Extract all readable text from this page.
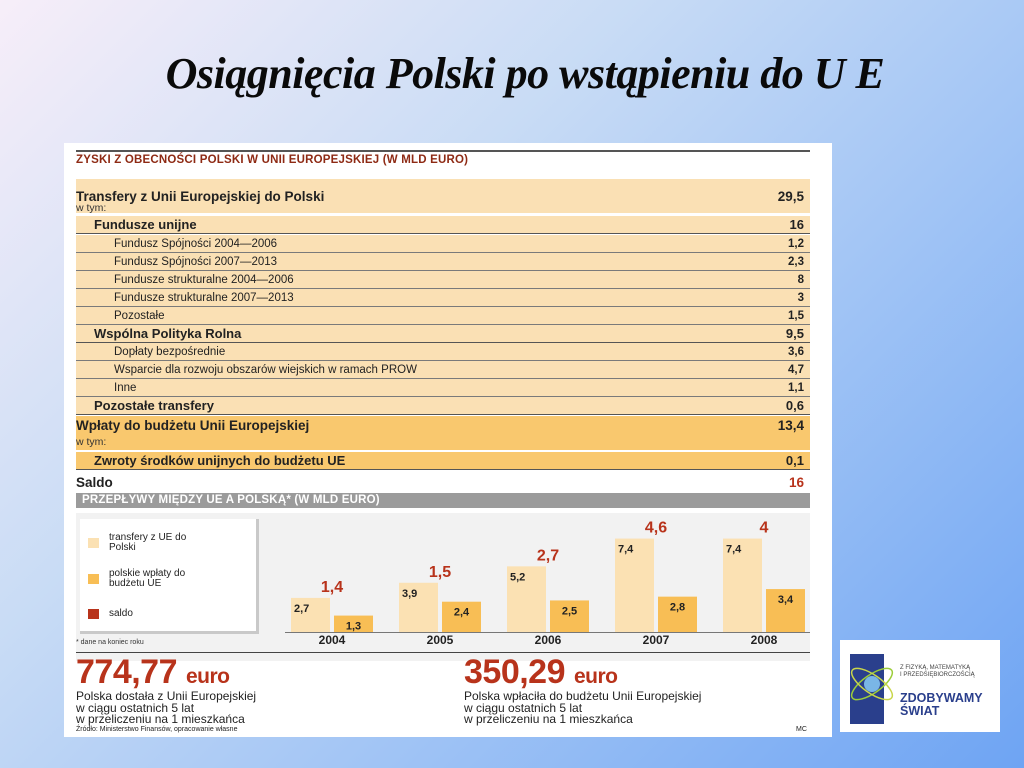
Osiągnięcia Polski po wstąpieniu do U E
ZYSKI Z OBECNOŚCI POLSKI W UNII EUROPEJSKIEJ (W MLD EURO)
Transfery z Unii Europejskiej do Polski	29,5
w tym:
Fundusze unijne	16
Fundusz Spójności 2004—2006	1,2
Fundusz Spójności 2007—2013	2,3
Fundusze strukturalne 2004—2006	8
Fundusze strukturalne 2007—2013	3
Pozostałe	1,5
Wspólna Polityka Rolna	9,5
Dopłaty bezpośrednie	3,6
Wsparcie dla rozwoju obszarów wiejskich w ramach PROW	4,7
Inne	1,1
Pozostałe transfery	0,6
Wpłaty do budżetu Unii Europejskiej	13,4
w tym:
Zwroty środków unijnych do budżetu UE	0,1
Saldo	16
PRZEPŁYWY MIĘDZY UE A POLSKĄ* (W MLD EURO)
transfery z UE do Polski
polskie wpłaty do budżetu UE
saldo	2,7
1,3
1,4
2004
3,9
2,4
1,5
2005
5,2
2,5
2,7
2006
7,4
2,8
4,6
2007
7,4
3,4
4
2008
* dane na koniec roku
774,77 euro
Polska dostała z Unii Europejskiej
w ciągu ostatnich 5 lat
w przeliczeniu na 1 mieszkańca
350,29 euro
Polska wpłaciła do budżetu Unii Europejskiej
w ciągu ostatnich 5 lat
w przeliczeniu na 1 mieszkańca
Źródło: Ministerstwo Finansów, opracowanie własne	MC
Z FIZYKĄ, MATEMATYKĄ
I PRZEDSIĘBIORCZOŚCIĄ
ZDOBYWAMY
ŚWIAT
